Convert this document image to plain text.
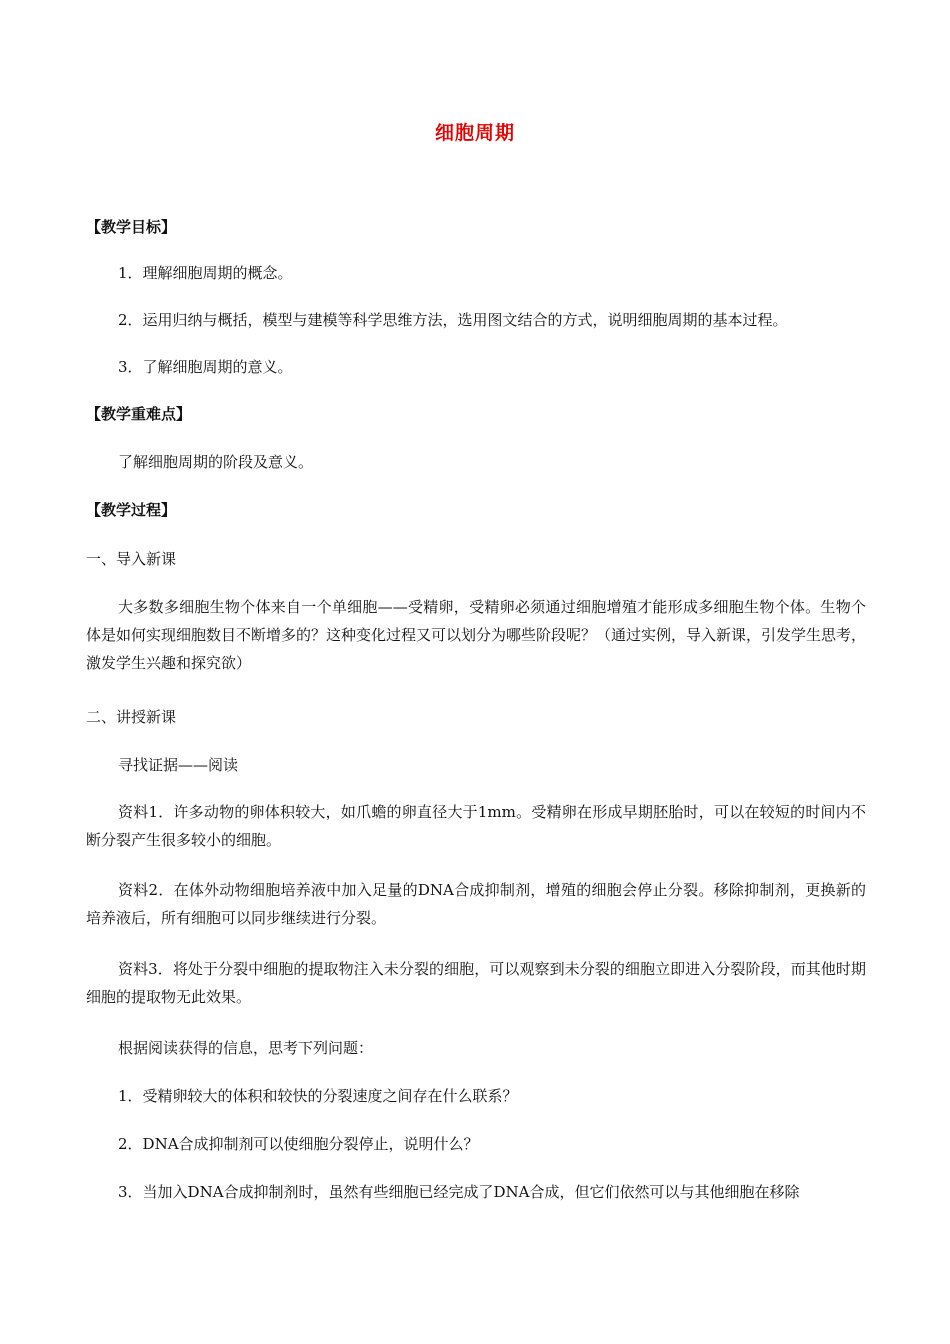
细胞周期
【教学目标】
1．理解细胞周期的概念。
2．运用归纳与概括，模型与建模等科学思维方法，选用图文结合的方式，说明细胞周期的基本过程。
3．了解细胞周期的意义。
【教学重难点】
了解细胞周期的阶段及意义。
【教学过程】
一、导入新课
大多数多细胞生物个体来自一个单细胞——受精卵，受精卵必须通过细胞增殖才能形成多细胞生物个体。生物个体是如何实现细胞数目不断增多的？这种变化过程又可以划分为哪些阶段呢？（通过实例，导入新课，引发学生思考，激发学生兴趣和探究欲）
二、讲授新课
寻找证据——阅读
资料1．许多动物的卵体积较大，如爪蟾的卵直径大于1mm。受精卵在形成早期胚胎时，可以在较短的时间内不断分裂产生很多较小的细胞。
资料2．在体外动物细胞培养液中加入足量的DNA合成抑制剂，增殖的细胞会停止分裂。移除抑制剂，更换新的培养液后，所有细胞可以同步继续进行分裂。
资料3．将处于分裂中细胞的提取物注入未分裂的细胞，可以观察到未分裂的细胞立即进入分裂阶段，而其他时期细胞的提取物无此效果。
根据阅读获得的信息，思考下列问题：
1．受精卵较大的体积和较快的分裂速度之间存在什么联系？
2．DNA合成抑制剂可以使细胞分裂停止，说明什么？
3．当加入DNA合成抑制剂时，虽然有些细胞已经完成了DNA合成，但它们依然可以与其他细胞在移除
